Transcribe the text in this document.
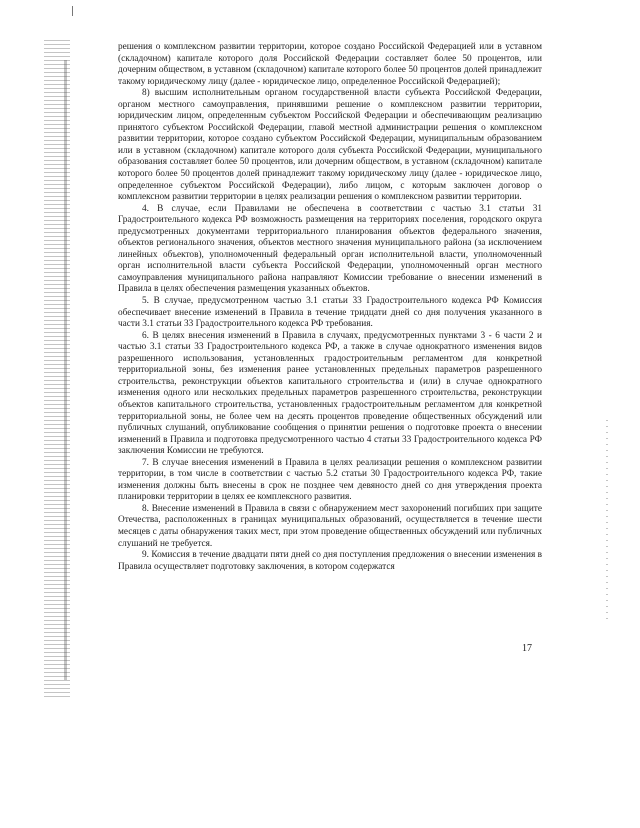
решения о комплексном развитии территории, которое создано Российской Федерацией или в уставном (складочном) капитале которого доля Российской Федерации составляет более 50 процентов, или дочерним обществом, в уставном (складочном) капитале которого более 50 процентов долей принадлежит такому юридическому лицу (далее - юридическое лицо, определенное Российской Федерацией);

8) высшим исполнительным органом государственной власти субъекта Российской Федерации, органом местного самоуправления, принявшими решение о комплексном развитии территории, юридическим лицом, определенным субъектом Российской Федерации и обеспечивающим реализацию принятого субъектом Российской Федерации, главой местной администрации решения о комплексном развитии территории, которое создано субъектом Российской Федерации, муниципальным образованием или в уставном (складочном) капитале которого доля субъекта Российской Федерации, муниципального образования составляет более 50 процентов, или дочерним обществом, в уставном (складочном) капитале которого более 50 процентов долей принадлежит такому юридическому лицу (далее - юридическое лицо, определенное субъектом Российской Федерации), либо лицом, с которым заключен договор о комплексном развитии территории в целях реализации решения о комплексном развитии территории.

4. В случае, если Правилами не обеспечена в соответствии с частью 3.1 статьи 31 Градостроительного кодекса РФ возможность размещения на территориях поселения, городского округа предусмотренных документами территориального планирования объектов федерального значения, объектов регионального значения, объектов местного значения муниципального района (за исключением линейных объектов), уполномоченный федеральный орган исполнительной власти, уполномоченный орган исполнительной власти субъекта Российской Федерации, уполномоченный орган местного самоуправления муниципального района направляют Комиссии требование о внесении изменений в Правила в целях обеспечения размещения указанных объектов.

5. В случае, предусмотренном частью 3.1 статьи 33 Градостроительного кодекса РФ Комиссия обеспечивает внесение изменений в Правила в течение тридцати дней со дня получения указанного в части 3.1 статьи 33 Градостроительного кодекса РФ требования.

6. В целях внесения изменений в Правила в случаях, предусмотренных пунктами 3 - 6 части 2 и частью 3.1 статьи 33 Градостроительного кодекса РФ, а также в случае однократного изменения видов разрешенного использования, установленных градостроительным регламентом для конкретной территориальной зоны, без изменения ранее установленных предельных параметров разрешенного строительства, реконструкции объектов капитального строительства и (или) в случае однократного изменения одного или нескольких предельных параметров разрешенного строительства, реконструкции объектов капитального строительства, установленных градостроительным регламентом для конкретной территориальной зоны, не более чем на десять процентов проведение общественных обсуждений или публичных слушаний, опубликование сообщения о принятии решения о подготовке проекта о внесении изменений в Правила и подготовка предусмотренного частью 4 статьи 33 Градостроительного кодекса РФ заключения Комиссии не требуются.

7. В случае внесения изменений в Правила в целях реализации решения о комплексном развитии территории, в том числе в соответствии с частью 5.2 статьи 30 Градостроительного кодекса РФ, такие изменения должны быть внесены в срок не позднее чем девяносто дней со дня утверждения проекта планировки территории в целях ее комплексного развития.

8. Внесение изменений в Правила в связи с обнаружением мест захоронений погибших при защите Отечества, расположенных в границах муниципальных образований, осуществляется в течение шести месяцев с даты обнаружения таких мест, при этом проведение общественных обсуждений или публичных слушаний не требуется.

9. Комиссия в течение двадцати пяти дней со дня поступления предложения о внесении изменения в Правила осуществляет подготовку заключения, в котором содержатся

17
